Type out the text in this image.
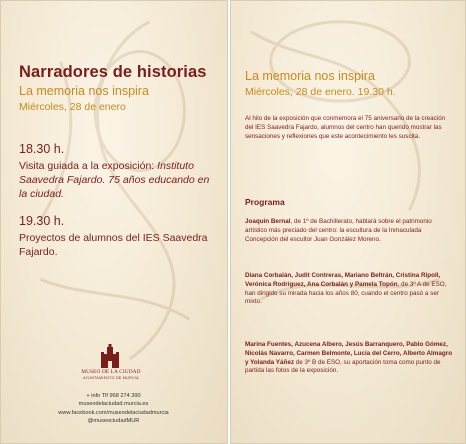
Narradores de historias
La memoria nos inspira
Miércoles, 28 de enero
18.30 h.
Visita guiada a la exposición: Instituto Saavedra Fajardo. 75 años educando en la ciudad.
19.30 h.
Proyectos de alumnos del IES Saavedra Fajardo.
MUSEO DE LA CIUDAD
AYUNTAMIENTO DE MURCIA
+ info Tlf 968 274 390
museodelaciudad.murcia.es
www.facebook.com/museodelaciudadmurcia
@museociudadMUR
La memoria nos inspira
Miércoles, 28 de enero. 19.30 h.
Al hilo de la exposición que conmemora el 75 aniversario de la creación del IES Saavedra Fajardo, alumnos del centro han querido mostrar las sensaciones y reflexiones que este acontecimiento les suscita.
Programa
Joaquín Bernal, de 1º de Bachillerato, hablará sobre el patrimonio artístico más preciado del centro: la escultura de la Inmaculada Concepción del escultor Juan González Moreno.
Diana Corbalán, Judit Contreras, Mariano Beltrán, Cristina Ripoll, Verónica Rodríguez, Ana Corbalán y Pamela Topón, de 3º A de ESO, han dirigido su mirada hacia los años 80, cuando el centro pasó a ser mixto.
Marina Fuentes, Azucena Albero, Jesús Barranquero, Pablo Gómez, Nicolás Navarro, Carmen Belmonte, Lucía del Cerro, Alberto Almagro y Yolanda Yáñez de 3º B de ESO, su aportación toma como punto de partida las fotos de la exposición.
